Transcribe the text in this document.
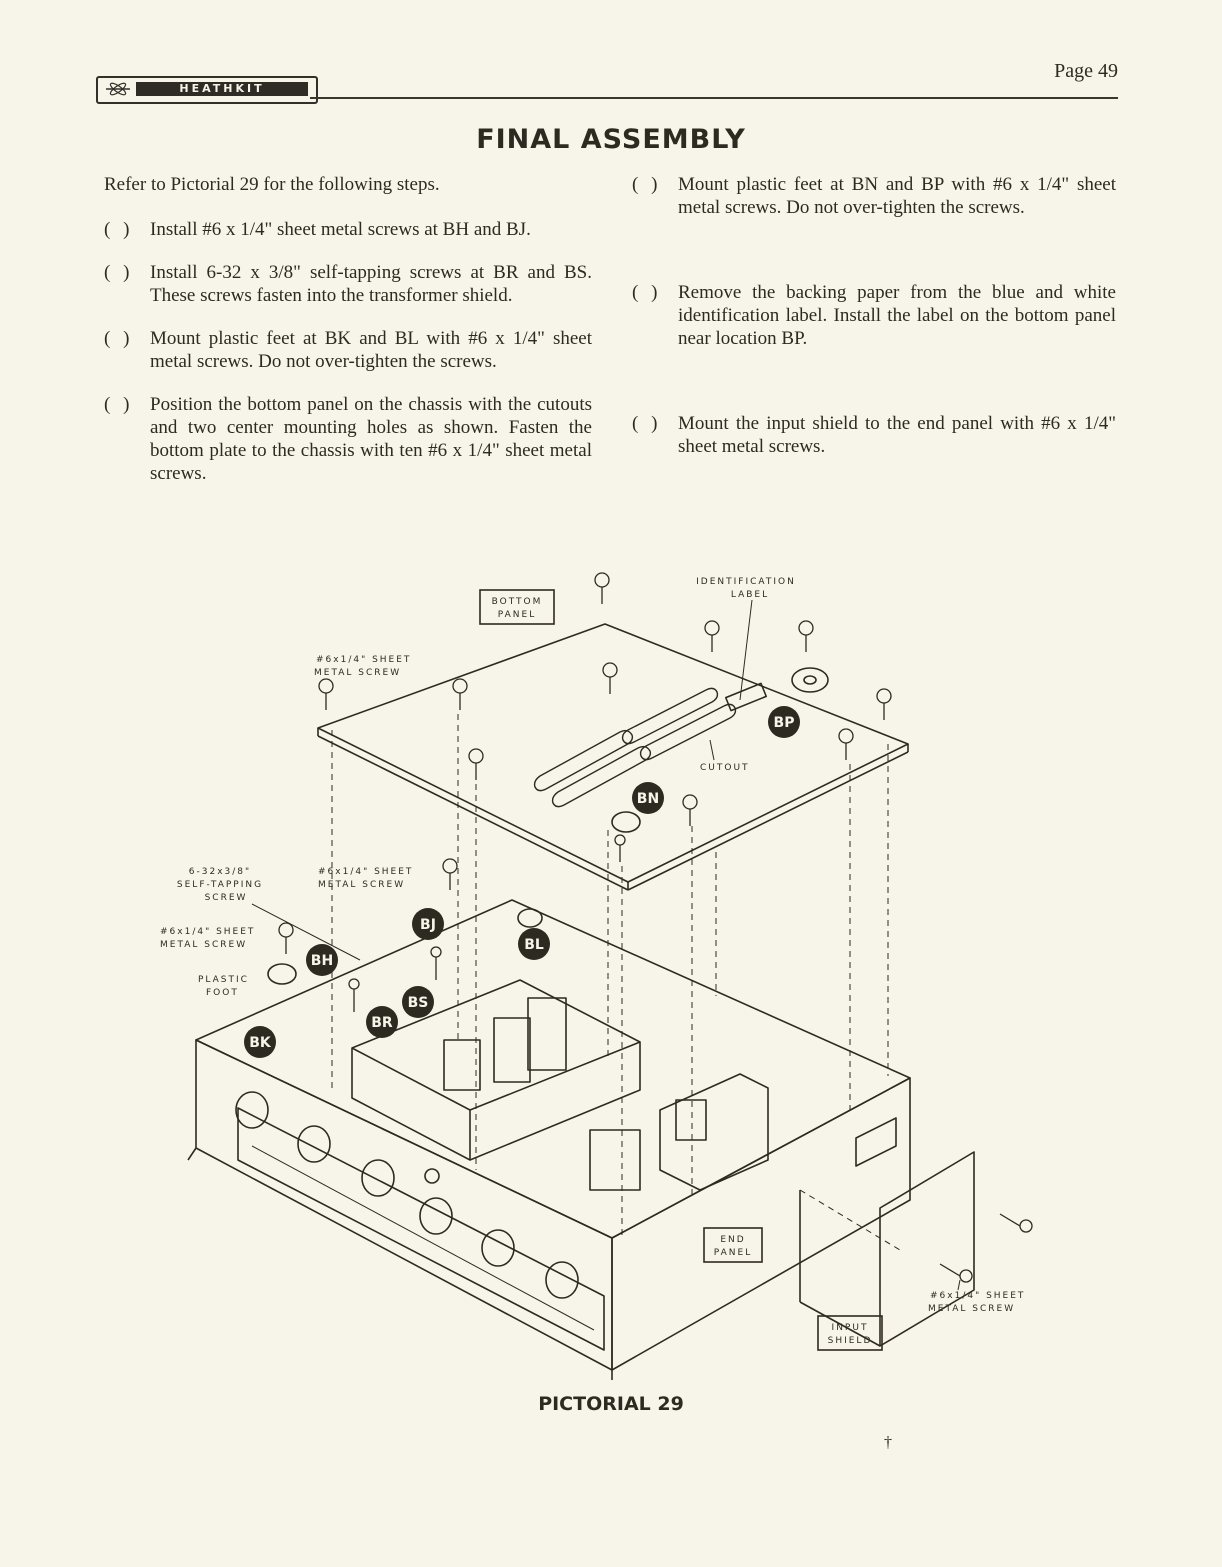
HEATHKIT
Page 49
FINAL ASSEMBLY
Refer to Pictorial 29 for the following steps.
( ) Install #6 x 1/4" sheet metal screws at BH and BJ.
( ) Install 6-32 x 3/8" self-tapping screws at BR and BS. These screws fasten into the transformer shield.
( ) Mount plastic feet at BK and BL with #6 x 1/4" sheet metal screws. Do not over-tighten the screws.
( ) Position the bottom panel on the chassis with the cutouts and two center mounting holes as shown. Fasten the bottom plate to the chassis with ten #6 x 1/4" sheet metal screws.
( ) Mount plastic feet at BN and BP with #6 x 1/4" sheet metal screws. Do not over-tighten the screws.
( ) Remove the backing paper from the blue and white identification label. Install the label on the bottom panel near location BP.
( ) Mount the input shield to the end panel with #6 x 1/4" sheet metal screws.
BOTTOM
PANEL
IDENTIFICATION
LABEL
#6x1/4" SHEET
METAL SCREW
CUTOUT
6-32x3/8"
SELF-TAPPING
SCREW
#6x1/4" SHEET
METAL SCREW
#6x1/4" SHEET
METAL SCREW
PLASTIC
FOOT
END
PANEL
INPUT
SHIELD
#6x1/4" SHEET
METAL SCREW
BP
BN
BJ
BL
BH
BS
BR
BK
PICTORIAL 29
†
